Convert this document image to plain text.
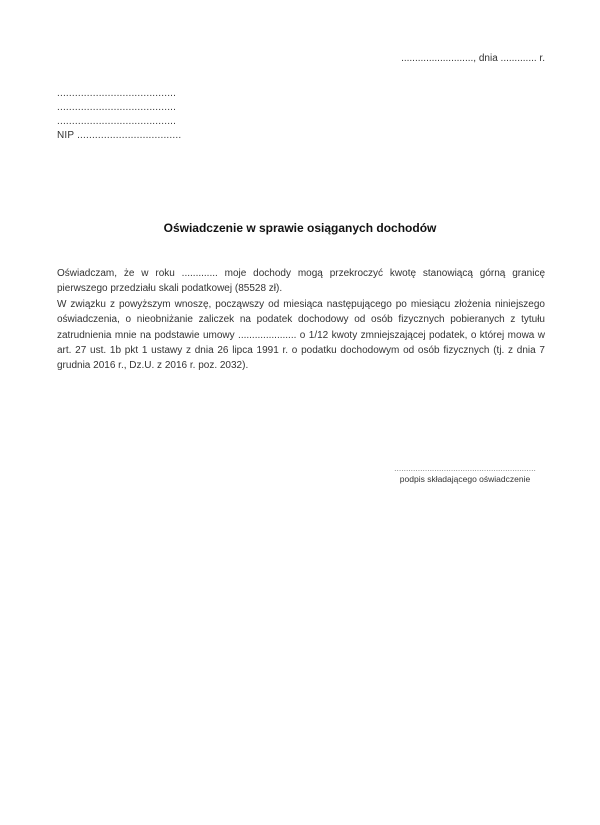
.........................., dnia ............. r.
........................................
........................................
........................................
NIP ...................................
Oświadczenie w sprawie osiąganych dochodów

Oświadczam, że w roku ............. moje dochody mogą przekroczyć kwotę stanowiącą górną granicę pierwszego przedziału skali podatkowej (85528 zł).

W związku z powyższym wnoszę, począwszy od miesiąca następującego po miesiącu złożenia niniejszego oświadczenia, o nieobniżanie zaliczek na podatek dochodowy od osób fizycznych pobieranych z tytułu zatrudnienia mnie na podstawie umowy ..................... o 1/12 kwoty zmniejszającej podatek, o której mowa w art. 27 ust. 1b pkt 1 ustawy z dnia 26 lipca 1991 r. o podatku dochodowym od osób fizycznych (tj. z dnia 7 grudnia 2016 r., Dz.U. z 2016 r. poz. 2032).

............................................................
podpis składającego oświadczenie
